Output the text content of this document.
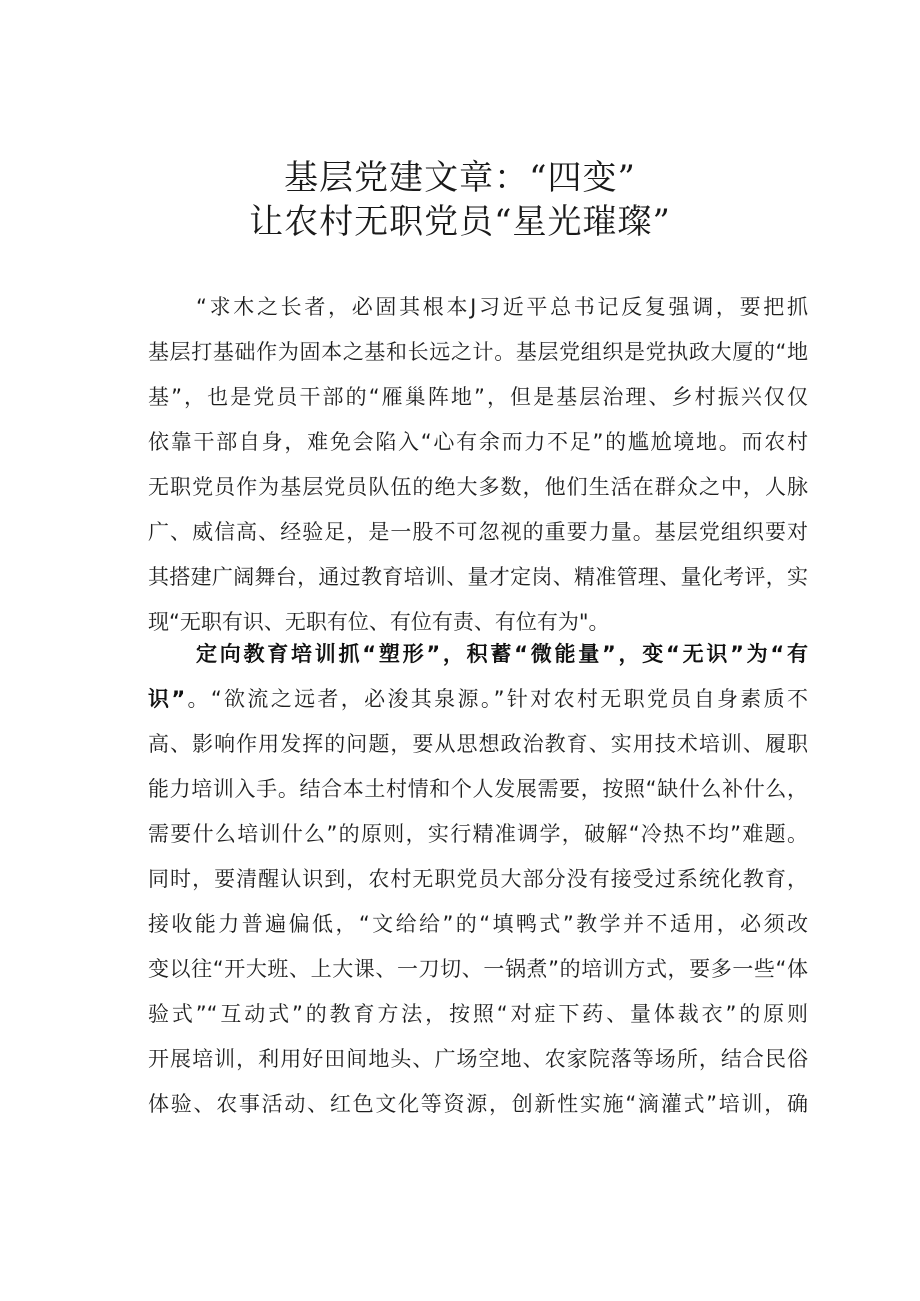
基层党建文章：“四变”
让农村无职党员“星光璀璨”
“求木之长者，必固其根本J习近平总书记反复强调，要把抓
基层打基础作为固本之基和长远之计。基层党组织是党执政大厦的“地
基”，也是党员干部的“雁巢阵地”，但是基层治理、乡村振兴仅仅
依靠干部自身，难免会陷入“心有余而力不足”的尴尬境地。而农村
无职党员作为基层党员队伍的绝大多数，他们生活在群众之中，人脉
广、威信高、经验足，是一股不可忽视的重要力量。基层党组织要对
其搭建广阔舞台，通过教育培训、量才定岗、精准管理、量化考评，实
现“无职有识、无职有位、有位有责、有位有为"。
定向教育培训抓“塑形”，积蓄“微能量”，变“无识”为“有
识”。“欲流之远者，必浚其泉源。”针对农村无职党员自身素质不
高、影响作用发挥的问题，要从思想政治教育、实用技术培训、履职
能力培训入手。结合本土村情和个人发展需要，按照“缺什么补什么，
需要什么培训什么”的原则，实行精准调学，破解“冷热不均”难题。
同时，要清醒认识到，农村无职党员大部分没有接受过系统化教育，
接收能力普遍偏低，“文给给”的“填鸭式”教学并不适用，必须改
变以往“开大班、上大课、一刀切、一锅煮”的培训方式，要多一些“体
验式”“互动式”的教育方法，按照“对症下药、量体裁衣”的原则
开展培训，利用好田间地头、广场空地、农家院落等场所，结合民俗
体验、农事活动、红色文化等资源，创新性实施“滴灌式”培训，确
